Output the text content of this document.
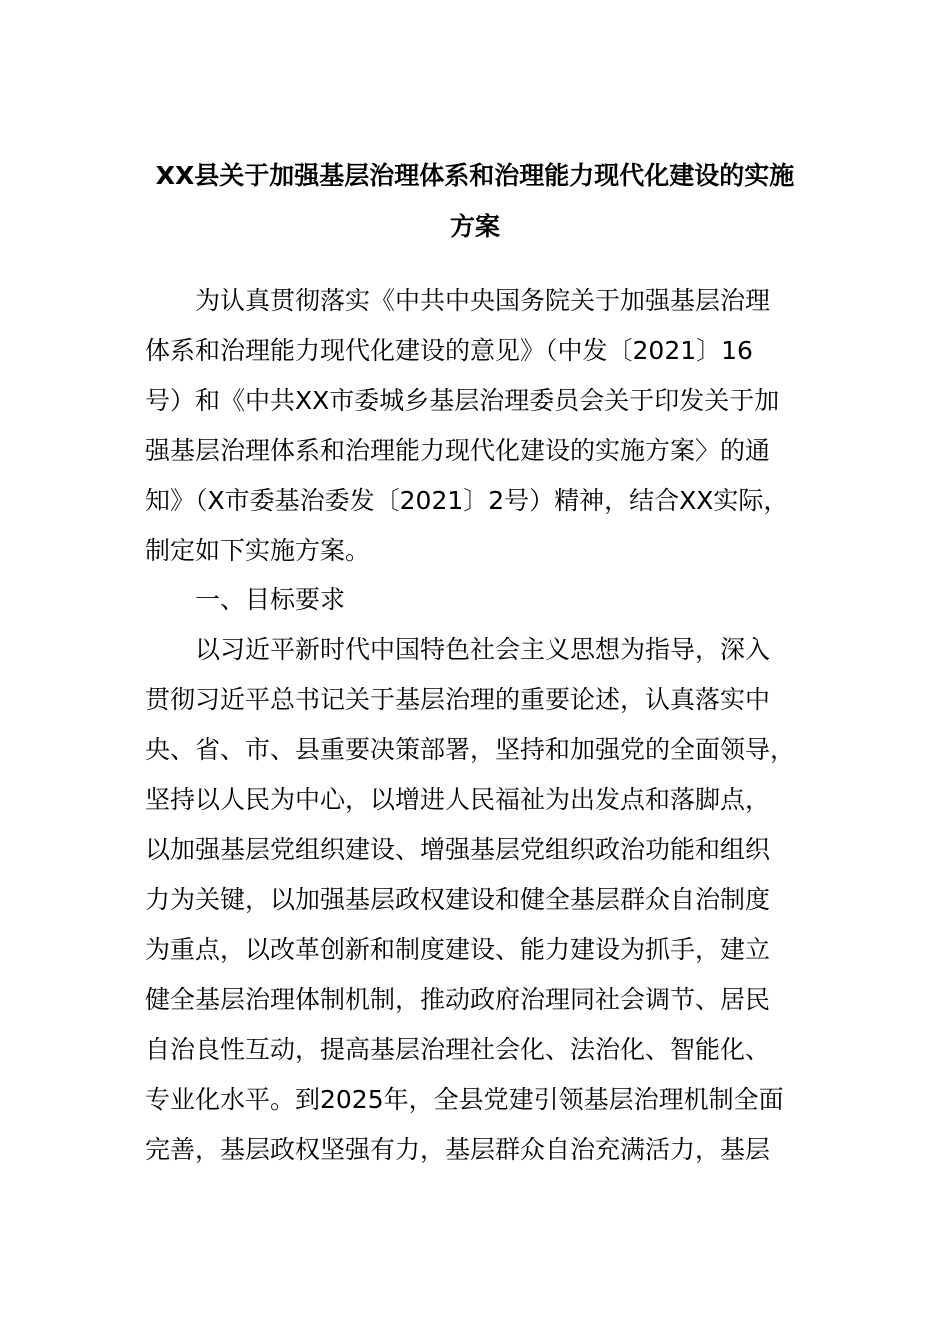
XX县关于加强基层治理体系和治理能力现代化建设的实施
方案
为认真贯彻落实《中共中央国务院关于加强基层治理
体系和治理能力现代化建设的意见》（中发〔2021〕16
号）和《中共XX市委城乡基层治理委员会关于印发关于加
强基层治理体系和治理能力现代化建设的实施方案〉的通
知》（X市委基治委发〔2021〕2号）精神，结合XX实际，
制定如下实施方案。
一、目标要求
以习近平新时代中国特色社会主义思想为指导，深入
贯彻习近平总书记关于基层治理的重要论述，认真落实中
央、省、市、县重要决策部署，坚持和加强党的全面领导，
坚持以人民为中心，以增进人民福祉为出发点和落脚点，
以加强基层党组织建设、增强基层党组织政治功能和组织
力为关键，以加强基层政权建设和健全基层群众自治制度
为重点，以改革创新和制度建设、能力建设为抓手，建立
健全基层治理体制机制，推动政府治理同社会调节、居民
自治良性互动，提高基层治理社会化、法治化、智能化、
专业化水平。到2025年，全县党建引领基层治理机制全面
完善，基层政权坚强有力，基层群众自治充满活力，基层
